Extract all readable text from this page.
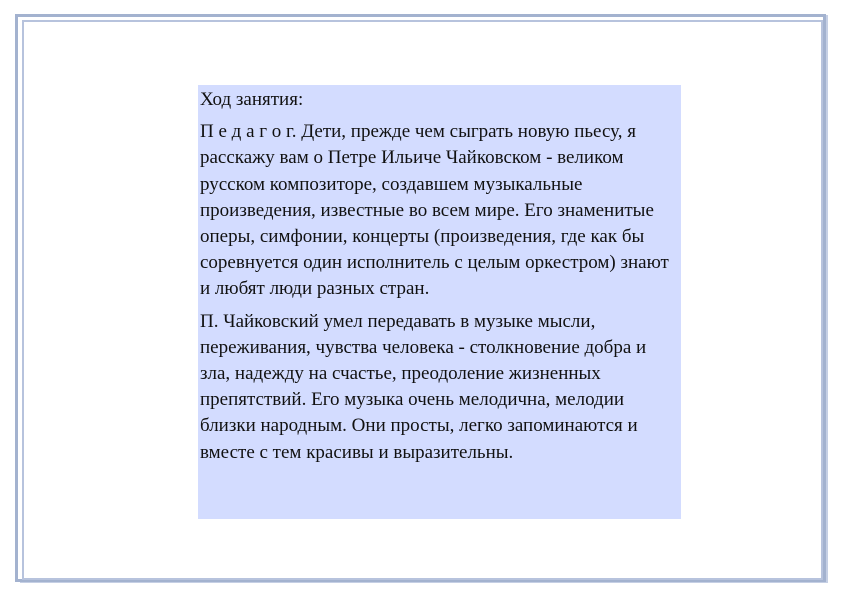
Ход занятия:

П е д а г о г. Дети, прежде чем сыграть новую пьесу, я расскажу вам о Петре Ильиче Чайковском - великом русском композиторе, создавшем музыкальные произведения, известные во всем мире. Его знаменитые оперы, симфонии, концерты (произведения, где как бы соревнуется один исполнитель с целым оркестром) знают и любят люди разных стран.

П. Чайковский умел передавать в музыке мысли, переживания, чувства человека - столкновение добра и зла, надежду на счастье, преодоление жизненных препятствий. Его музыка очень мелодична, мелодии близки народным. Они просты, легко запоминаются и вместе с тем красивы и выразительны.
